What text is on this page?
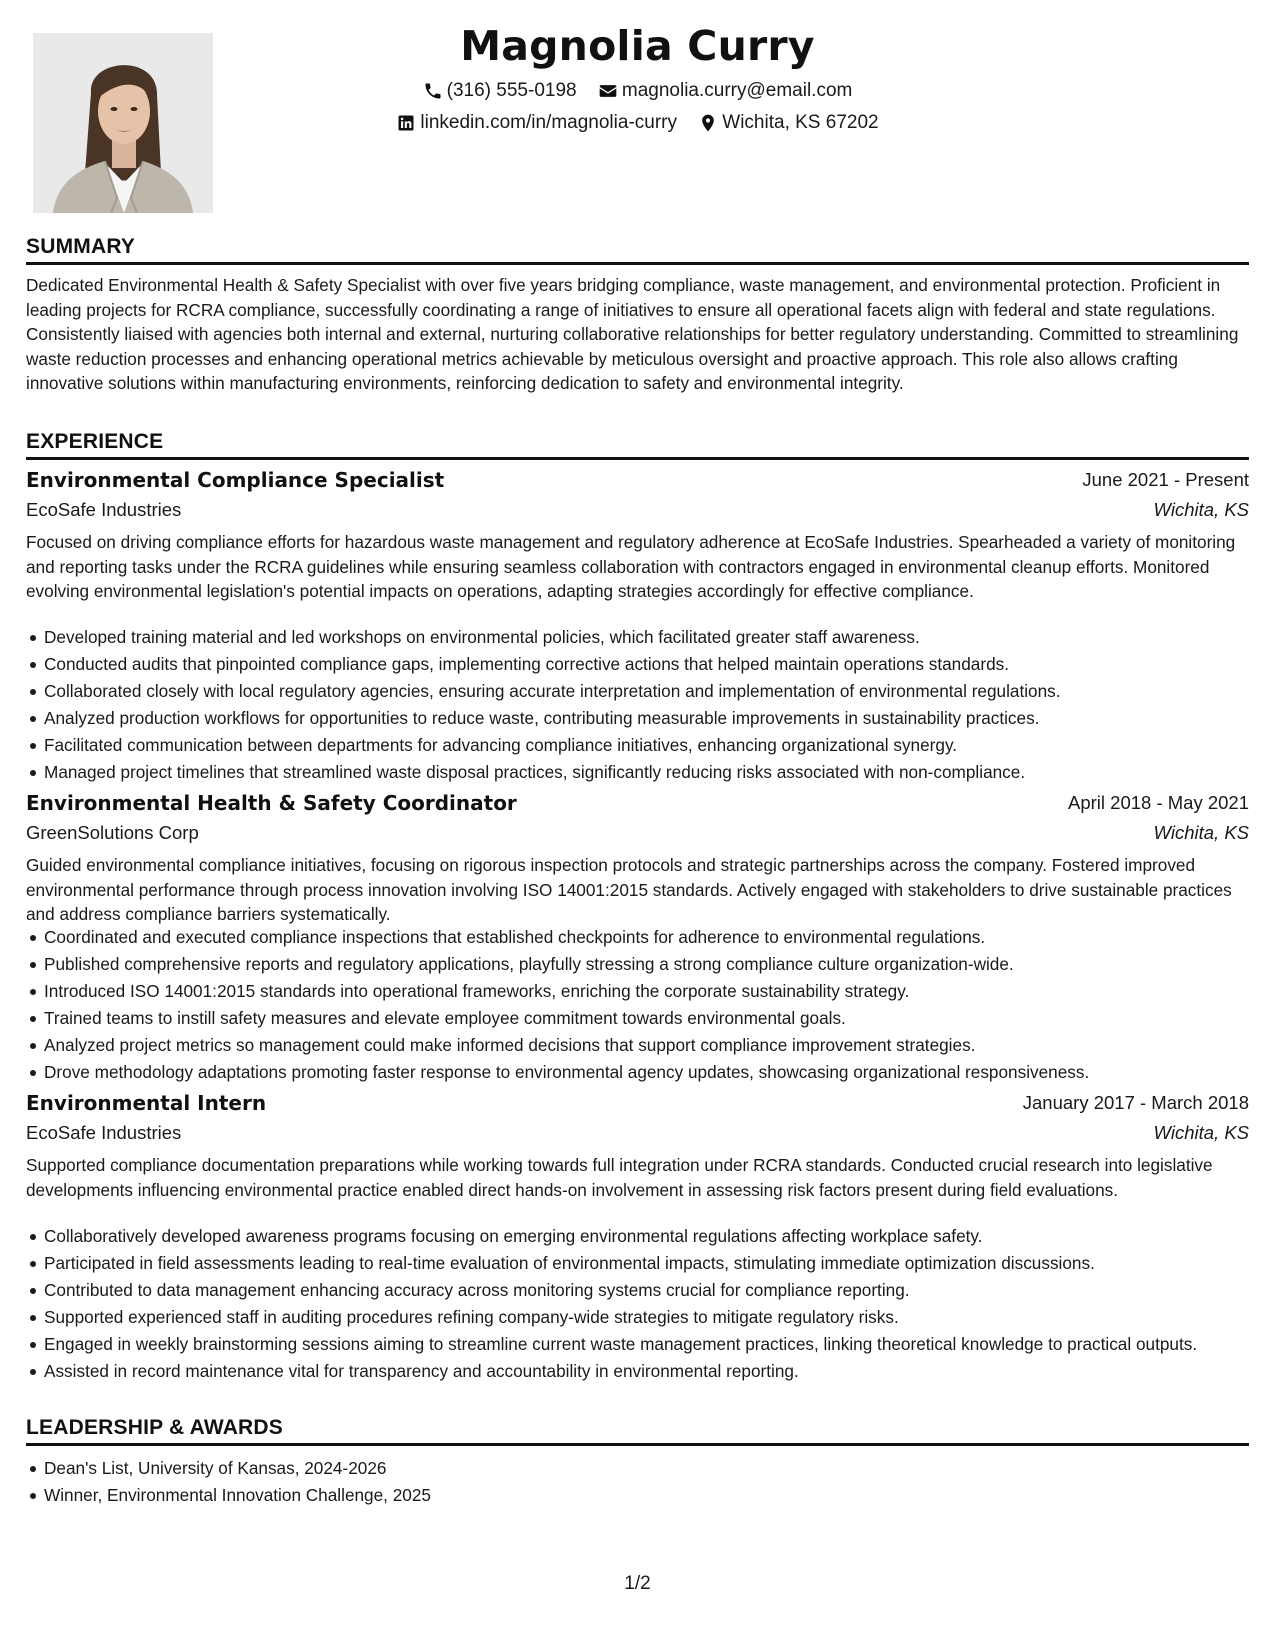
Magnolia Curry
(316) 555-0198
magnolia.curry@email.com
linkedin.com/in/magnolia-curry
Wichita, KS 67202
SUMMARY
Dedicated Environmental Health & Safety Specialist with over five years bridging compliance, waste management, and environmental protection. Proficient in leading projects for RCRA compliance, successfully coordinating a range of initiatives to ensure all operational facets align with federal and state regulations. Consistently liaised with agencies both internal and external, nurturing collaborative relationships for better regulatory understanding. Committed to streamlining waste reduction processes and enhancing operational metrics achievable by meticulous oversight and proactive approach. This role also allows crafting innovative solutions within manufacturing environments, reinforcing dedication to safety and environmental integrity.
EXPERIENCE
Environmental Compliance Specialist	June 2021 - Present
EcoSafe Industries	Wichita, KS
Focused on driving compliance efforts for hazardous waste management and regulatory adherence at EcoSafe Industries. Spearheaded a variety of monitoring and reporting tasks under the RCRA guidelines while ensuring seamless collaboration with contractors engaged in environmental cleanup efforts. Monitored evolving environmental legislation's potential impacts on operations, adapting strategies accordingly for effective compliance.
Developed training material and led workshops on environmental policies, which facilitated greater staff awareness.
Conducted audits that pinpointed compliance gaps, implementing corrective actions that helped maintain operations standards.
Collaborated closely with local regulatory agencies, ensuring accurate interpretation and implementation of environmental regulations.
Analyzed production workflows for opportunities to reduce waste, contributing measurable improvements in sustainability practices.
Facilitated communication between departments for advancing compliance initiatives, enhancing organizational synergy.
Managed project timelines that streamlined waste disposal practices, significantly reducing risks associated with non-compliance.
Environmental Health & Safety Coordinator	April 2018 - May 2021
GreenSolutions Corp	Wichita, KS
Guided environmental compliance initiatives, focusing on rigorous inspection protocols and strategic partnerships across the company. Fostered improved environmental performance through process innovation involving ISO 14001:2015 standards. Actively engaged with stakeholders to drive sustainable practices and address compliance barriers systematically.
Coordinated and executed compliance inspections that established checkpoints for adherence to environmental regulations.
Published comprehensive reports and regulatory applications, playfully stressing a strong compliance culture organization-wide.
Introduced ISO 14001:2015 standards into operational frameworks, enriching the corporate sustainability strategy.
Trained teams to instill safety measures and elevate employee commitment towards environmental goals.
Analyzed project metrics so management could make informed decisions that support compliance improvement strategies.
Drove methodology adaptations promoting faster response to environmental agency updates, showcasing organizational responsiveness.
Environmental Intern	January 2017 - March 2018
EcoSafe Industries	Wichita, KS
Supported compliance documentation preparations while working towards full integration under RCRA standards. Conducted crucial research into legislative developments influencing environmental practice enabled direct hands-on involvement in assessing risk factors present during field evaluations.
Collaboratively developed awareness programs focusing on emerging environmental regulations affecting workplace safety.
Participated in field assessments leading to real-time evaluation of environmental impacts, stimulating immediate optimization discussions.
Contributed to data management enhancing accuracy across monitoring systems crucial for compliance reporting.
Supported experienced staff in auditing procedures refining company-wide strategies to mitigate regulatory risks.
Engaged in weekly brainstorming sessions aiming to streamline current waste management practices, linking theoretical knowledge to practical outputs.
Assisted in record maintenance vital for transparency and accountability in environmental reporting.
LEADERSHIP & AWARDS
Dean's List, University of Kansas, 2024-2026
Winner, Environmental Innovation Challenge, 2025
1/2
